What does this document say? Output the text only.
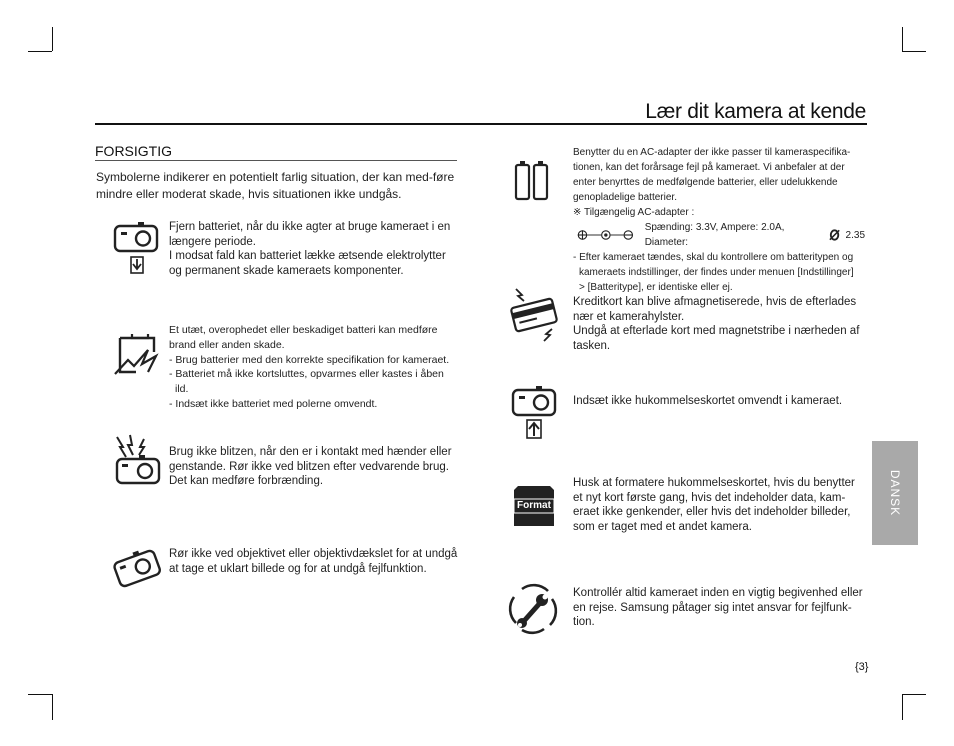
Lær dit kamera at kende
FORSIGTIG
Symbolerne indikerer en potentielt farlig situation, der kan med-føre mindre eller moderat skade, hvis situationen ikke undgås.

Fjern batteriet, når du ikke agter at bruge kameraet i en

længere periode.

I modsat fald kan batteriet lække ætsende elektrolytter

og permanent skade kameraets komponenter.

Et utæt, overophedet eller beskadiget batteri kan medføre

brand eller anden skade.

- Brug batterier med den korrekte specifikation for kameraet.

- Batteriet må ikke kortsluttes, opvarmes eller kastes i åben

ild.

- Indsæt ikke batteriet med polerne omvendt.

Brug ikke blitzen, når den er i kontakt med hænder eller

genstande. Rør ikke ved blitzen efter vedvarende brug.

Det kan medføre forbrænding.

Rør ikke ved objektivet eller objektivdækslet for at undgå

at tage et uklart billede og for at undgå fejlfunktion.

Format

Benytter du en AC-adapter der ikke passer til kameraspecifika-

tionen, kan det forårsage fejl på kameraet. Vi anbefaler at der

enter benyrttes de medfølgende batterier, eller udelukkende

genopladelige batterier.

※ Tilgængelig AC-adapter :

Spænding: 3.3V, Ampere: 2.0A, Diameter:
2.35

- Efter kameraet tændes, skal du kontrollere om batteritypen og

kameraets indstillinger, der findes under menuen [Indstillinger]

> [Batteritype], er identiske eller ej.

Kreditkort kan blive afmagnetiserede, hvis de efterlades

nær et kamerahylster.

Undgå at efterlade kort med magnetstribe i nærheden af

tasken.

Indsæt ikke hukommelseskortet omvendt i kameraet.

Husk at formatere hukommelseskortet, hvis du benytter

et nyt kort første gang, hvis det indeholder data, kam-

eraet ikke genkender, eller hvis det indeholder billeder,

som er taget med et andet kamera.

Kontrollér altid kameraet inden en vigtig begivenhed eller

en rejse. Samsung påtager sig intet ansvar for fejlfunk-

tion.

DANSK
{3}
